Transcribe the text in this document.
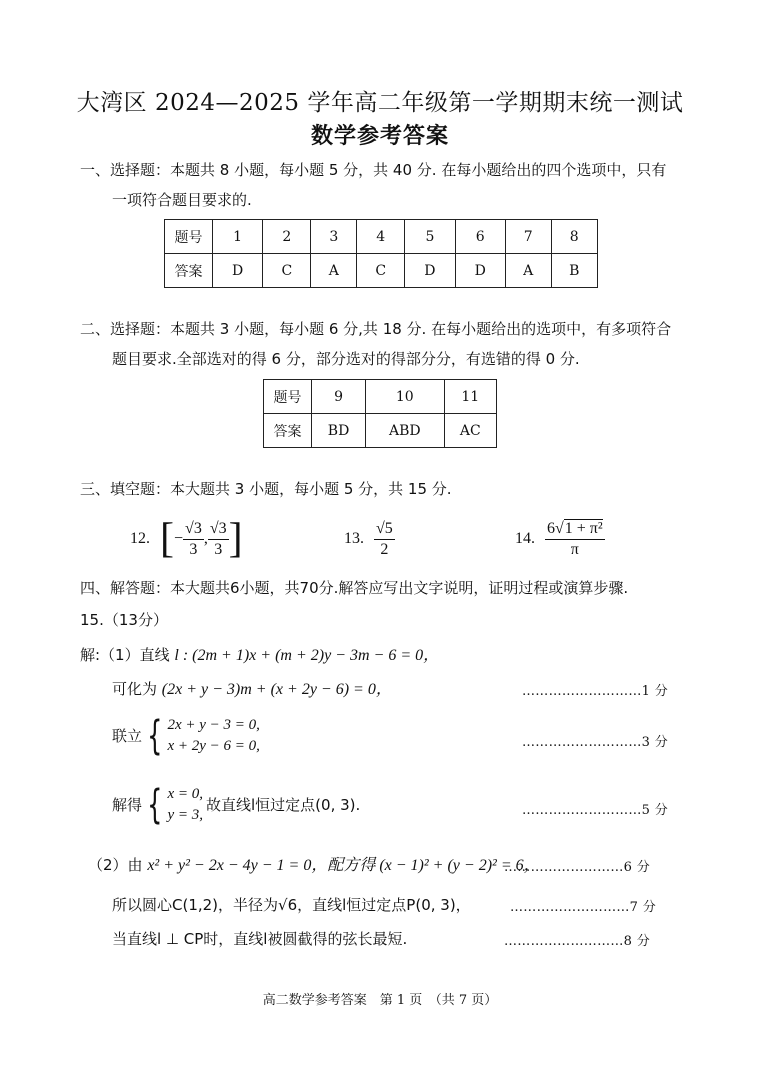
大湾区 2024—2025 学年高二年级第一学期期末统一测试
数学参考答案
一、选择题：本题共 8 小题，每小题 5 分，共 40 分. 在每小题给出的四个选项中，只有
一项符合题目要求的.
题号	1	2	3	4	5	6	7	8
答案	D	C	A	C	D	D	A	B
二、选择题：本题共 3 小题，每小题 6 分,共 18 分. 在每小题给出的选项中，有多项符合
题目要求.全部选对的得 6 分，部分选对的得部分分，有选错的得 0 分.
题号	9	10	11
答案	BD	ABD	AC
三、填空题：本大题共 3 小题，每小题 5 分，共 15 分.
12. [ − $\frac{√3}{3}$ , $\frac{√3}{3}$ ]	13. $\frac{√5}{2}$	14. $\frac{\text{6√1 + π²}}{\pi}$
四、解答题：本大题共6小题，共70分.解答应写出文字说明，证明过程或演算步骤.
15.（13分）
解:（1）直线 l : (2m + 1)x + (m + 2)y − 3m − 6 = 0，
可化为 (2x + y − 3)m + (x + 2y − 6) = 0，	………………………1 分
联立 { 2x + y − 3 = 0,
x + 2y − 6 = 0,	………………………3 分
解得 { x = 0,
y = 3,
故直线l恒过定点(0, 3).	………………………5 分
（2）由 x² + y² − 2x − 4y − 1 = 0，配方得 (x − 1)² + (y − 2)² = 6，
………………………6 分
所以圆心C(1,2)，半径为√6，直线l恒过定点P(0, 3)，	………………………7 分
当直线l ⊥ CP时，直线l被圆截得的弦长最短.	………………………8 分
高二数学参考答案　第 1 页　（共 7 页）
